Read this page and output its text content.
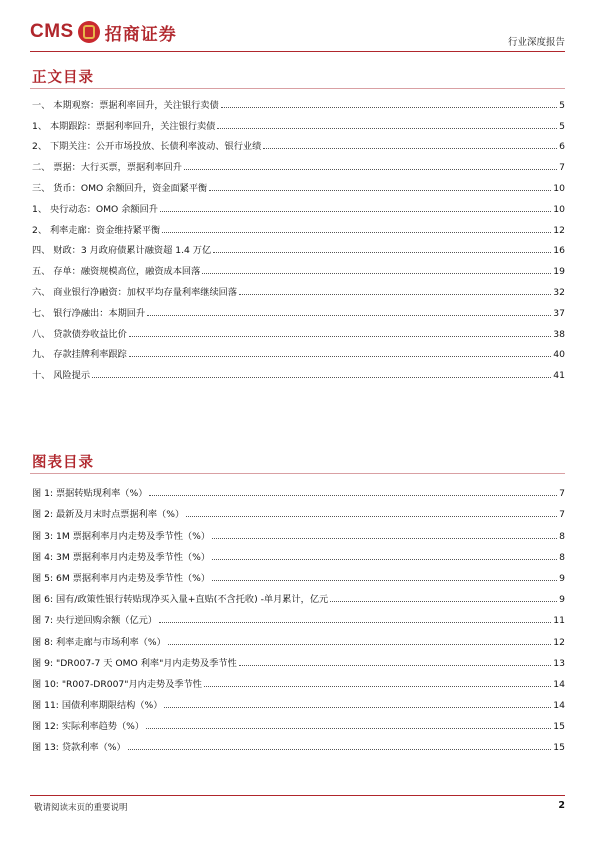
CMS 招商证券	行业深度报告
正文目录
一、 本期观察：票据利率回升，关注银行卖债	5
1、 本期跟踪：票据利率回升，关注银行卖债	5
2、 下期关注：公开市场投放、长债利率波动、银行业绩	6
二、 票据：大行买票，票据利率回升	7
三、 货币：OMO 余额回升，资金面紧平衡	10
1、 央行动态：OMO 余额回升	10
2、 利率走廊：资金维持紧平衡	12
四、 财政：3 月政府债累计融资超 1.4 万亿	16
五、 存单：融资规模高位，融资成本回落	19
六、 商业银行净融资：加权平均存量利率继续回落	32
七、 银行净融出：本期回升	37
八、 贷款债券收益比价	38
九、 存款挂牌利率跟踪	40
十、 风险提示	41
图表目录
图 1: 票据转贴现利率（%）	7
图 2: 最新及月末时点票据利率（%）	7
图 3: 1M 票据利率月内走势及季节性（%）	8
图 4: 3M 票据利率月内走势及季节性（%）	8
图 5: 6M 票据利率月内走势及季节性（%）	9
图 6: 国有/政策性银行转贴现净买入量+直贴(不含托收) -单月累计，亿元	9
图 7: 央行逆回购余额（亿元）	11
图 8: 利率走廊与市场利率（%）	12
图 9: "DR007-7 天 OMO 利率"月内走势及季节性	13
图 10: "R007-DR007"月内走势及季节性	14
图 11: 国债利率期限结构（%）	14
图 12: 实际利率趋势（%）	15
图 13: 贷款利率（%）	15
敬请阅读末页的重要说明	2
